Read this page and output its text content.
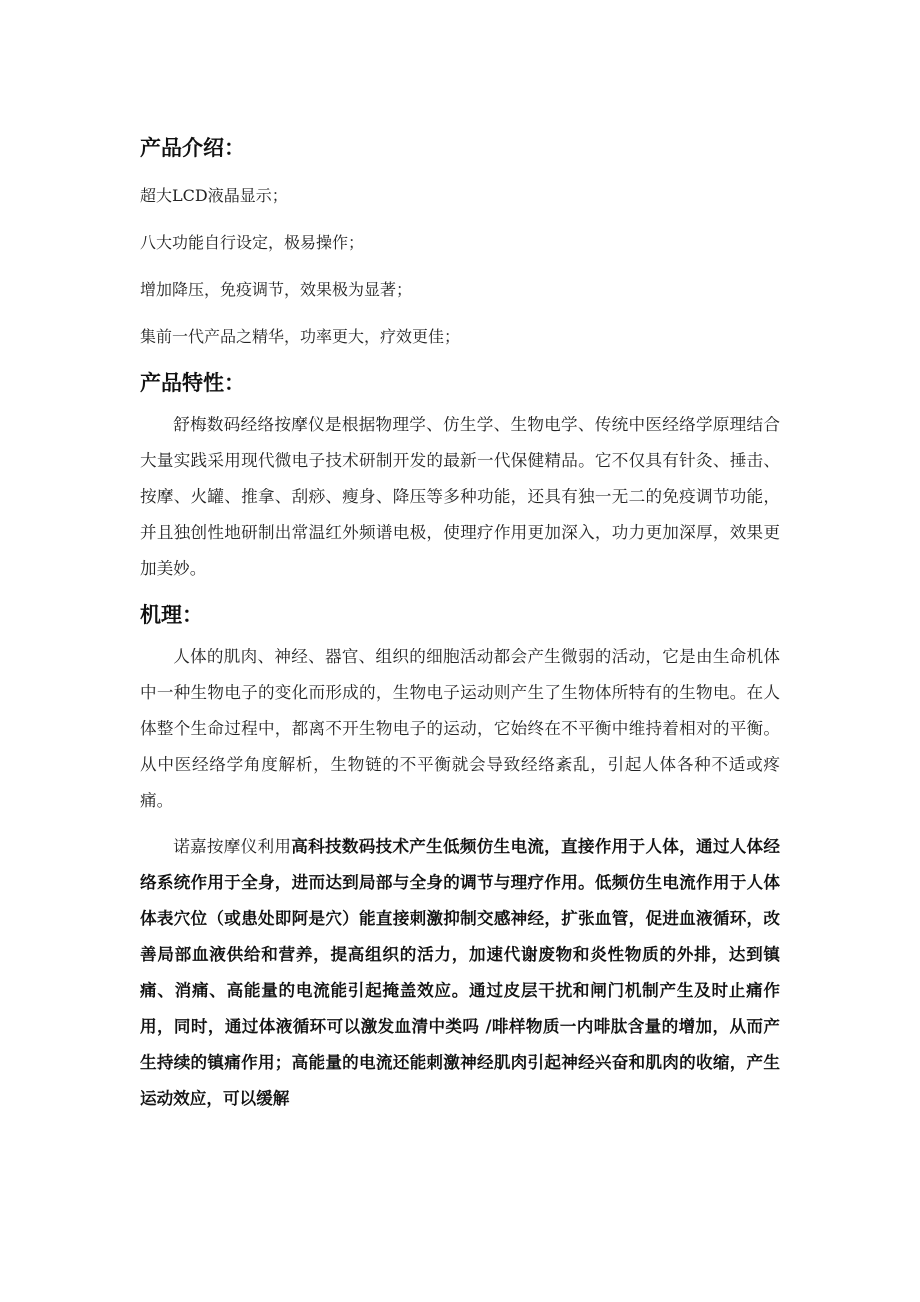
产品介绍：

超大LCD液晶显示；

八大功能自行设定，极易操作；

增加降压，免疫调节，效果极为显著；

集前一代产品之精华，功率更大，疗效更佳；

产品特性：

舒梅数码经络按摩仪是根据物理学、仿生学、生物电学、传统中医经络学原理结合大量实践采用现代微电子技术研制开发的最新一代保健精品。它不仅具有针灸、捶击、按摩、火罐、推拿、刮痧、瘦身、降压等多种功能，还具有独一无二的免疫调节功能，并且独创性地研制出常温红外频谱电极，使理疗作用更加深入，功力更加深厚，效果更加美妙。

机理：

人体的肌肉、神经、器官、组织的细胞活动都会产生微弱的活动，它是由生命机体中一种生物电子的变化而形成的，生物电子运动则产生了生物体所特有的生物电。在人体整个生命过程中，都离不开生物电子的运动，它始终在不平衡中维持着相对的平衡。从中医经络学角度解析，生物链的不平衡就会导致经络紊乱，引起人体各种不适或疼痛。

诺嘉按摩仪利用高科技数码技术产生低频仿生电流，直接作用于人体，通过人体经络系统作用于全身，进而达到局部与全身的调节与理疗作用。低频仿生电流作用于人体体表穴位（或患处即阿是穴）能直接刺激抑制交感神经，扩张血管，促进血液循环，改善局部血液供给和营养，提高组织的活力，加速代谢废物和炎性物质的外排，达到镇痛、消痛、高能量的电流能引起掩盖效应。通过皮层干扰和闸门机制产生及时止痛作用，同时，通过体液循环可以激发血清中类吗 /啡样物质一内啡肽含量的增加，从而产生持续的镇痛作用；高能量的电流还能刺激神经肌肉引起神经兴奋和肌肉的收缩，产生运动效应，可以缓解
